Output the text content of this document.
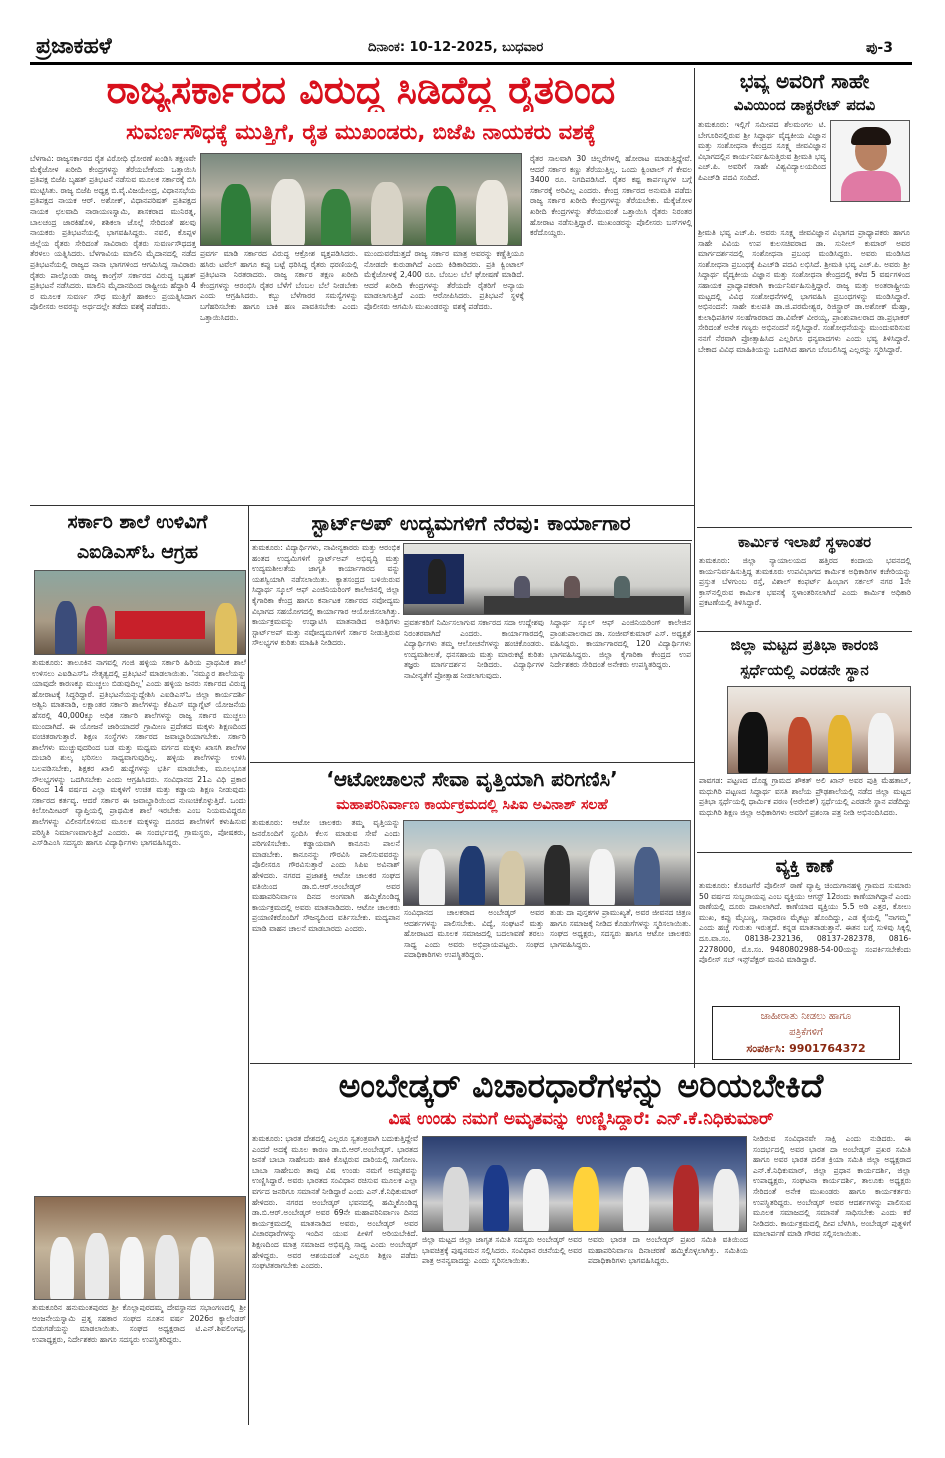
ಪ್ರಜಾಕಹಳೆ	ದಿನಾಂಕ: 10-12-2025, ಬುಧವಾರ	ಪು-3
ರಾಜ್ಯಸರ್ಕಾರದ ವಿರುದ್ಧ ಸಿಡಿದೆದ್ದ ರೈತರಿಂದ
ಸುವರ್ಣಸೌಧಕ್ಕೆ ಮುತ್ತಿಗೆ, ರೈತ ಮುಖಂಡರು, ಬಿಜೆಪಿ ನಾಯಕರು ವಶಕ್ಕೆ
ಬೆಳಗಾವಿ: ರಾಜ್ಯಸರ್ಕಾರದ ರೈತ ವಿರೋಧಿ ಧೋರಣೆ ಖಂಡಿಸಿ ತಕ್ಷಣವೇ ಮೆಕ್ಕೆಜೋಳ ಖರೀದಿ ಕೇಂದ್ರಗಳನ್ನು ತೆರೆಯಬೇಕೆಂದು ಒತ್ತಾಯಿಸಿ ಪ್ರತಿಪಕ್ಷ ಬಿಜೆಪಿ ಬೃಹತ್ ಪ್ರತಿಭಟನೆ ನಡೆಸುವ ಮೂಲಕ ಸರ್ಕಾರಕ್ಕೆ ಬಿಸಿ ಮುಟ್ಟಿಸಿತು. ರಾಜ್ಯ ಬಿಜೆಪಿ ಅಧ್ಯಕ್ಷ ಬಿ.ವೈ.ವಿಜಯೇಂದ್ರ, ವಿಧಾನಸಭೆಯ ಪ್ರತಿಪಕ್ಷದ ನಾಯಕ ಆರ್. ಅಶೋಕ್, ವಿಧಾನಪರಿಷತ್ ಪ್ರತಿಪಕ್ಷದ ನಾಯಕ ಛಲವಾದಿ ನಾರಾಯಣಸ್ವಾಮಿ, ಶಾಸಕರಾದ ಮುನಿರತ್ನ, ಬಾಲಚಂದ್ರ ಜಾರಕಿಹೊಳಿ, ಶಶಿಕಲಾ ಜೊಲ್ಲೆ ಸೇರಿದಂತೆ ಹಲವು ನಾಯಕರು ಪ್ರತಿಭಟನೆಯಲ್ಲಿ ಭಾಗವಹಿಸಿದ್ದರು. ನವಲಿ, ಕೊಪ್ಪಳ ಜಿಲ್ಲೆಯ ರೈತರು ಸೇರಿದಂತೆ ಸಾವಿರಾರು ರೈತರು ಸುವರ್ಣಸೌಧದತ್ತ ತೆರಳಲು ಯತ್ನಿಸಿದರು. ಬೆಳಗಾವಿಯ ಮಾಲಿನಿ ಮೈದಾನದಲ್ಲಿ ನಡೆದ ಪ್ರತಿಭಟನೆಯಲ್ಲಿ ರಾಜ್ಯದ ನಾನಾ ಭಾಗಗಳಿಂದ ಆಗಮಿಸಿದ್ದ ಸಾವಿರಾರು ರೈತರು ಪಾಲ್ಗೊಂಡು ರಾಜ್ಯ ಕಾಂಗ್ರೆಸ್ ಸರ್ಕಾರದ ವಿರುದ್ಧ ಬೃಹತ್ ಪ್ರತಿಭಟನೆ ನಡೆಸಿದರು. ಮಾಲಿನಿ ಮೈದಾನದಿಂದ ರಾಷ್ಟ್ರೀಯ ಹೆದ್ದಾರಿ 4 ರ ಮೂಲಕ ಸುವರ್ಣ ಸೌಧ ಮುತ್ತಿಗೆ ಹಾಕಲು ಪ್ರಯತ್ನಿಸಿದಾಗ ಪೊಲೀಸರು ಅವರನ್ನು ಅರ್ಧದಲ್ಲೇ ತಡೆದು ವಶಕ್ಕೆ ಪಡೆದರು.
ಪ್ರವರ್ಗ ಮಾಡಿ ಸರ್ಕಾರದ ವಿರುದ್ಧ ಆಕ್ರೋಶ ವ್ಯಕ್ತಪಡಿಸಿದರು. ಹಸಿರು ಟವೆಲ್ ಹಾಗೂ ಕಪ್ಪು ಬಟ್ಟೆ ಧರಿಸಿದ್ದ ರೈತರು ಧರಣಿಯಲ್ಲಿ ಪ್ರತಿಭಟನಾ ನಿರತರಾದರು. ರಾಜ್ಯ ಸರ್ಕಾರ ತಕ್ಷಣ ಖರೀದಿ ಕೇಂದ್ರಗಳನ್ನು ಆರಂಭಿಸಿ ರೈತರ ಬೆಳೆಗೆ ಬೆಂಬಲ ಬೆಲೆ ನೀಡಬೇಕು ಎಂದು ಆಗ್ರಹಿಸಿದರು. ಕಬ್ಬು ಬೆಳೆಗಾರರ ಸಮಸ್ಯೆಗಳನ್ನು ಬಗೆಹರಿಸಬೇಕು ಹಾಗೂ ಬಾಕಿ ಹಣ ಪಾವತಿಸಬೇಕು ಎಂದು ಒತ್ತಾಯಿಸಿದರು.
ಮುಂದುವರೆದುತ್ತದೆ ರಾಜ್ಯ ಸರ್ಕಾರ ಮಾತ್ರ ಅವರನ್ನು ಕಣ್ಣೆತ್ತಿಯೂ ನೋಡದೇ ಕುರುಡಾಗಿದೆ ಎಂದು ಕಿಡಿಕಾರಿದರು. ಪ್ರತಿ ಕ್ವಿಂಟಾಲ್ ಮೆಕ್ಕೆಜೋಳಕ್ಕೆ 2,400 ರೂ. ಬೆಂಬಲ ಬೆಲೆ ಘೋಷಣೆ ಮಾಡಿದೆ. ಆದರೆ ಖರೀದಿ ಕೇಂದ್ರಗಳನ್ನು ತೆರೆಯದೇ ರೈತರಿಗೆ ಅನ್ಯಾಯ ಮಾಡಲಾಗುತ್ತಿದೆ ಎಂದು ಆರೋಪಿಸಿದರು. ಪ್ರತಿಭಟನೆ ಸ್ಥಳಕ್ಕೆ ಪೊಲೀಸರು ಆಗಮಿಸಿ ಮುಖಂಡರನ್ನು ವಶಕ್ಕೆ ಪಡೆದರು.
ರೈತರ ಸಾಲವಾಗಿ 30 ಚಿಲ್ಲರೆಗಳಲ್ಲಿ ಹೋರಾಟ ಮಾಡುತ್ತಿದ್ದೇವೆ. ಆದರೆ ಸರ್ಕಾರ ಕಣ್ಣು ತೆರೆಯುತ್ತಿಲ್ಲ. ಒಂದು ಕ್ವಿಂಟಾಲ್ ಗೆ ಕೇವಲ 3400 ರೂ. ನಿಗದಿಪಡಿಸಿದೆ. ರೈತರ ಕಷ್ಟ ಕಾರ್ಪಣ್ಯಗಳ ಬಗ್ಗೆ ಸರ್ಕಾರಕ್ಕೆ ಅರಿವಿಲ್ಲ ಎಂದರು. ಕೇಂದ್ರ ಸರ್ಕಾರದ ಅನುಮತಿ ಪಡೆದು ರಾಜ್ಯ ಸರ್ಕಾರ ಖರೀದಿ ಕೇಂದ್ರಗಳನ್ನು ತೆರೆಯಬೇಕು. ಮೆಕ್ಕೆಜೋಳ ಖರೀದಿ ಕೇಂದ್ರಗಳನ್ನು ತೆರೆಯುವಂತೆ ಒತ್ತಾಯಿಸಿ ರೈತರು ನಿರಂತರ ಹೋರಾಟ ನಡೆಸುತ್ತಿದ್ದಾರೆ. ಮುಖಂಡರನ್ನು ಪೊಲೀಸರು ಬಸ್‌ಗಳಲ್ಲಿ ಕರೆದೊಯ್ದರು.
ಭವ್ಯ ಅವರಿಗೆ ಸಾಹೇ
ವಿವಿಯಿಂದ ಡಾಕ್ಟರೇಟ್ ಪದವಿ
ತುಮಕೂರು: ಇಲ್ಲಿಗೆ ಸಮೀಪದ ಶೆಲಮಂಗಲ ಟಿ. ಬೇಗೂರಿನಲ್ಲಿರುವ ಶ್ರೀ ಸಿದ್ಧಾರ್ಥ ವೈದ್ಯಕೀಯ ವಿಜ್ಞಾನ ಮತ್ತು ಸಂಶೋಧನಾ ಕೇಂದ್ರದ ಸೂಕ್ಷ್ಮ ಜೀವವಿಜ್ಞಾನ ವಿಭಾಗದಲ್ಲಿನ ಕಾರ್ಯನಿರ್ವಹಿಸುತ್ತಿರುವ ಶ್ರೀಮತಿ ಭವ್ಯ ಎಚ್.ಪಿ. ಅವರಿಗೆ ಸಾಹೇ ವಿಶ್ವವಿದ್ಯಾಲಯದಿಂದ ಪಿಎಚ್‌ಡಿ ಪದವಿ ಸಂದಿದೆ.
ಶ್ರೀಮತಿ ಭವ್ಯ ಎಚ್.ಪಿ. ಅವರು ಸೂಕ್ಷ್ಮ ಜೀವವಿಜ್ಞಾನ ವಿಭಾಗದ ಪ್ರಾಧ್ಯಾಪಕರು ಹಾಗೂ ಸಾಹೇ ವಿವಿಯ ಉಪ ಕುಲಸಚಿವರಾದ ಡಾ. ಸುನೀಲ್ ಕುಮಾರ್ ಅವರ ಮಾರ್ಗದರ್ಶನದಲ್ಲಿ ಸಂಶೋಧನಾ ಪ್ರಬಂಧ ಮಂಡಿಸಿದ್ದರು. ಅವರು ಮಂಡಿಸಿದ ಸಂಶೋಧನಾ ಪ್ರಬಂಧಕ್ಕೆ ಪಿಎಚ್‌ಡಿ ಪದವಿ ಲಭಿಸಿದೆ. ಶ್ರೀಮತಿ ಭವ್ಯ ಎಚ್.ಪಿ. ಅವರು ಶ್ರೀ ಸಿದ್ಧಾರ್ಥ ವೈದ್ಯಕೀಯ ವಿಜ್ಞಾನ ಮತ್ತು ಸಂಶೋಧನಾ ಕೇಂದ್ರದಲ್ಲಿ ಕಳೆದ 5 ವರ್ಷಗಳಿಂದ ಸಹಾಯಕ ಪ್ರಾಧ್ಯಾಪಕರಾಗಿ ಕಾರ್ಯನಿರ್ವಹಿಸುತ್ತಿದ್ದಾರೆ. ರಾಜ್ಯ ಮತ್ತು ಅಂತರಾಷ್ಟ್ರೀಯ ಮಟ್ಟದಲ್ಲಿ ವಿವಿಧ ಸಂಶೋಧನೆಗಳಲ್ಲಿ ಭಾಗವಹಿಸಿ ಪ್ರಬಂಧಗಳನ್ನು ಮಂಡಿಸಿದ್ದಾರೆ. ಅಭಿನಂದನೆ: ಸಾಹೇ ಕುಲಪತಿ ಡಾ.ಜಿ.ಪರಮೇಶ್ವರ, ರಿಜಿಸ್ಟ್ರಾರ್ ಡಾ.ಅಶೋಕ್ ಮೆಹ್ತಾ, ಕುಲಾಧಿಪತಿಗಳ ಸಲಹೆಗಾರರಾದ ಡಾ.ವಿವೇಕ್ ವೀರಯ್ಯ, ಪ್ರಾಂಶುಪಾಲರಾದ ಡಾ.ಪ್ರಭಾಕರ್ ಸೇರಿದಂತೆ ಅನೇಕ ಗಣ್ಯರು ಅಭಿನಂದನೆ ಸಲ್ಲಿಸಿದ್ದಾರೆ. ಸಂಶೋಧನೆಯನ್ನು ಮುಂದುವರಿಸುವ ನನಗೆ ನೆರವಾಗಿ ಪ್ರೋತ್ಸಾಹಿಸಿದ ಎಲ್ಲರಿಗೂ ಧನ್ಯವಾದಗಳು ಎಂದು ಭವ್ಯ ತಿಳಿಸಿದ್ದಾರೆ. ಬೇಕಾದ ವಿವಿಧ ಮಾಹಿತಿಯನ್ನು ಒದಗಿಸಿದ ಹಾಗೂ ಬೆಂಬಲಿಸಿದ್ದ ಎಲ್ಲರನ್ನು ಸ್ಮರಿಸಿದ್ದಾರೆ.
ಸರ್ಕಾರಿ ಶಾಲೆ ಉಳಿವಿಗೆ
ಎಐಡಿಎಸ್‌ಓ ಆಗ್ರಹ
ತುಮಕೂರು: ತಾಲೂಕಿನ ನಾಗವಲ್ಲಿ ಗಂಜಿ ಹಳ್ಳಿಯ ಸರ್ಕಾರಿ ಹಿರಿಯ ಪ್ರಾಥಮಿಕ ಶಾಲೆ ಉಳಿಸಲು ಎಐಡಿಎಸ್‌ಓ ನೇತೃತ್ವದಲ್ಲಿ ಪ್ರತಿಭಟನೆ ಮಾಡಲಾಯಿತು. 'ನಮ್ಮೂರ ಶಾಲೆಯನ್ನು ಯಾವುದೇ ಕಾರಣಕ್ಕೂ ಮುಚ್ಚಲು ಬಿಡುವುದಿಲ್ಲ' ಎಂದು ಹಳ್ಳಿಯ ಜನರು ಸರ್ಕಾರದ ವಿರುದ್ಧ ಹೋರಾಟಕ್ಕೆ ಸಿದ್ಧರಿದ್ದಾರೆ. ಪ್ರತಿಭಟನೆಯನ್ನುದ್ದೇಶಿಸಿ ಎಐಡಿಎಸ್‌ಓ ಜಿಲ್ಲಾ ಕಾರ್ಯದರ್ಶಿ ಅಶ್ವಿನಿ ಮಾತನಾಡಿ, ಲಕ್ಷಾಂತರ ಸರ್ಕಾರಿ ಶಾಲೆಗಳನ್ನು ಕೆಪಿಎಸ್ ಮ್ಯಾಗ್ನೆಟ್ ಯೋಜನೆಯ ಹೆಸರಲ್ಲಿ 40,000ಕ್ಕೂ ಅಧಿಕ ಸರ್ಕಾರಿ ಶಾಲೆಗಳನ್ನು ರಾಜ್ಯ ಸರ್ಕಾರ ಮುಚ್ಚಲು ಮುಂದಾಗಿದೆ. ಈ ಯೋಜನೆ ಜಾರಿಯಾದರೆ ಗ್ರಾಮೀಣ ಪ್ರದೇಶದ ಮಕ್ಕಳು ಶಿಕ್ಷಣದಿಂದ ವಂಚಿತರಾಗುತ್ತಾರೆ. ಶಿಕ್ಷಣ ಸಂಸ್ಥೆಗಳು ಸರ್ಕಾರದ ಜವಾಬ್ದಾರಿಯಾಗಬೇಕು. ಸರ್ಕಾರಿ ಶಾಲೆಗಳು ಮುಚ್ಚುವುದರಿಂದ ಬಡ ಮತ್ತು ಮಧ್ಯಮ ವರ್ಗದ ಮಕ್ಕಳು ಖಾಸಗಿ ಶಾಲೆಗಳ ದುಬಾರಿ ಶುಲ್ಕ ಭರಿಸಲು ಸಾಧ್ಯವಾಗುವುದಿಲ್ಲ. ಹಳ್ಳಿಯ ಶಾಲೆಗಳನ್ನು ಉಳಿಸಿ ಬಲಪಡಿಸಬೇಕು, ಶಿಕ್ಷಕರ ಖಾಲಿ ಹುದ್ದೆಗಳನ್ನು ಭರ್ತಿ ಮಾಡಬೇಕು, ಮೂಲಭೂತ ಸೌಲಭ್ಯಗಳನ್ನು ಒದಗಿಸಬೇಕು ಎಂದು ಆಗ್ರಹಿಸಿದರು. ಸಂವಿಧಾನದ 21ಎ ವಿಧಿ ಪ್ರಕಾರ 6ರಿಂದ 14 ವರ್ಷದ ಎಲ್ಲಾ ಮಕ್ಕಳಿಗೆ ಉಚಿತ ಮತ್ತು ಕಡ್ಡಾಯ ಶಿಕ್ಷಣ ನೀಡುವುದು ಸರ್ಕಾರದ ಕರ್ತವ್ಯ. ಆದರೆ ಸರ್ಕಾರ ಈ ಜವಾಬ್ದಾರಿಯಿಂದ ನುಣುಚಿಕೊಳ್ಳುತ್ತಿದೆ. ಒಂದು ಕಿಲೋಮೀಟರ್ ವ್ಯಾಪ್ತಿಯಲ್ಲಿ ಪ್ರಾಥಮಿಕ ಶಾಲೆ ಇರಬೇಕು ಎಂಬ ನಿಯಮವಿದ್ದರೂ ಶಾಲೆಗಳನ್ನು ವಿಲೀನಗೊಳಿಸುವ ಮೂಲಕ ಮಕ್ಕಳನ್ನು ದೂರದ ಶಾಲೆಗಳಿಗೆ ಕಳುಹಿಸುವ ಪರಿಸ್ಥಿತಿ ನಿರ್ಮಾಣವಾಗುತ್ತಿದೆ ಎಂದರು. ಈ ಸಂದರ್ಭದಲ್ಲಿ ಗ್ರಾಮಸ್ಥರು, ಪೋಷಕರು, ಎಸ್‌ಡಿಎಂಸಿ ಸದಸ್ಯರು ಹಾಗೂ ವಿದ್ಯಾರ್ಥಿಗಳು ಭಾಗವಹಿಸಿದ್ದರು.
ತುಮಕೂರಿನ ಹನುಮಂತಪುರದ ಶ್ರೀ ಕೊಲ್ಲಾಪುರದಮ್ಮ ದೇವಸ್ಥಾನದ ಸಭಾಂಗಣದಲ್ಲಿ ಶ್ರೀ ಆಂಜನೇಯಸ್ವಾಮಿ ಪ್ರತ್ನ ಸಹಕಾರ ಸಂಘದ ನೂತನ ವರ್ಷ 2026ರ ಕ್ಯಾಲೆಂಡರ್ ಬಿಡುಗಡೆಯನ್ನು ಮಾಡಲಾಯಿತು. ಸಂಘದ ಅಧ್ಯಕ್ಷರಾದ ಟಿ.ಎನ್.ಶಿವಲಿಂಗಪ್ಪ, ಉಪಾಧ್ಯಕ್ಷರು, ನಿರ್ದೇಶಕರು ಹಾಗೂ ಸದಸ್ಯರು ಉಪಸ್ಥಿತರಿದ್ದರು.
ಸ್ಟಾರ್ಟ್‌ಅಪ್ ಉದ್ಯಮಗಳಿಗೆ ನೆರವು: ಕಾರ್ಯಾಗಾರ
ತುಮಕೂರು: ವಿದ್ಯಾರ್ಥಿಗಳು, ನಾವೀನ್ಯಕಾರರು ಮತ್ತು ಆರಂಭಿಕ ಹಂತದ ಉದ್ಯಮಿಗಳಿಗೆ ಸ್ಟಾರ್ಟ್‌ಅಪ್ ಅಭಿವೃದ್ಧಿ ಮತ್ತು ಉದ್ಯಮಶೀಲತೆಯ ಜಾಗೃತಿ ಕಾರ್ಯಾಗಾರದ ವನ್ನು ಯಶಸ್ವಿಯಾಗಿ ನಡೆಸಲಾಯಿತು. ಕ್ಯಾತಸಂದ್ರದ ಬಳಿಯಿರುವ ಸಿದ್ಧಾರ್ಥ ಸ್ಕೂಲ್ ಆಫ್ ಎಂಜಿನಿಯರಿಂಗ್ ಕಾಲೇಜಿನಲ್ಲಿ ಜಿಲ್ಲಾ ಕೈಗಾರಿಕಾ ಕೇಂದ್ರ ಹಾಗೂ ಕರ್ನಾಟಕ ಸರ್ಕಾರದ ನವೋದ್ಯಮ ವಿಭಾಗದ ಸಹಯೋಗದಲ್ಲಿ ಕಾರ್ಯಾಗಾರ ಆಯೋಜಿಸಲಾಗಿತ್ತು. ಕಾರ್ಯಕ್ರಮವನ್ನು ಉದ್ಘಾಟಿಸಿ ಮಾತನಾಡಿದ ಅತಿಥಿಗಳು ಸ್ಟಾರ್ಟ್‌ಅಪ್ ಮತ್ತು ನವೋದ್ಯಮಗಳಿಗೆ ಸರ್ಕಾರ ನೀಡುತ್ತಿರುವ ಸೌಲಭ್ಯಗಳ ಕುರಿತು ಮಾಹಿತಿ ನೀಡಿದರು.
ಪ್ರವರ್ತಕರಿಗೆ ನಿರ್ಮಿಸಲಾಗುವ ಸರ್ಕಾರದ ಸದಾ ಉದ್ದೇಶವು ನಿರಂತರವಾಗಿದೆ ಎಂದರು. ಕಾರ್ಯಾಗಾರದಲ್ಲಿ ವಿದ್ಯಾರ್ಥಿಗಳು ತಮ್ಮ ಆಲೋಚನೆಗಳನ್ನು ಹಂಚಿಕೊಂಡರು. ಉದ್ಯಮಶೀಲತೆ, ಧನಸಹಾಯ ಮತ್ತು ಮಾರುಕಟ್ಟೆ ಕುರಿತು ತಜ್ಞರು ಮಾರ್ಗದರ್ಶನ ನೀಡಿದರು. ವಿದ್ಯಾರ್ಥಿಗಳ ನಾವೀನ್ಯತೆಗೆ ಪ್ರೋತ್ಸಾಹ ನೀಡಲಾಗುವುದು.
ಸಿದ್ಧಾರ್ಥ ಸ್ಕೂಲ್ ಆಫ್ ಎಂಜಿನಿಯರಿಂಗ್ ಕಾಲೇಜಿನ ಪ್ರಾಂಶುಪಾಲರಾದ ಡಾ. ಸಂಜೀವ್‌ಕುಮಾರ್ ಎಸ್. ಅಧ್ಯಕ್ಷತೆ ವಹಿಸಿದ್ದರು. ಕಾರ್ಯಾಗಾರದಲ್ಲಿ 120 ವಿದ್ಯಾರ್ಥಿಗಳು ಭಾಗವಹಿಸಿದ್ದರು. ಜಿಲ್ಲಾ ಕೈಗಾರಿಕಾ ಕೇಂದ್ರದ ಉಪ ನಿರ್ದೇಶಕರು ಸೇರಿದಂತೆ ಅನೇಕರು ಉಪಸ್ಥಿತರಿದ್ದರು.
ಕಾರ್ಮಿಕ ಇಲಾಖೆ ಸ್ಥಳಾಂತರ
ತುಮಕೂರು: ಜಿಲ್ಲಾ ನ್ಯಾಯಾಲಯದ ಹತ್ತಿರದ ಕಂದಾಯ ಭವನದಲ್ಲಿ ಕಾರ್ಯನಿರ್ವಹಿಸುತ್ತಿದ್ದ ತುಮಕೂರು ಉಪವಿಭಾಗದ ಕಾರ್ಮಿಕ ಅಧಿಕಾರಿಗಳ ಕಚೇರಿಯನ್ನು ಪ್ರಸ್ತುತ ಬೆಳಗುಂಬ ರಸ್ತೆ, ವಿಶಾಲ್ ಕಂಫರ್ಟ್ ಹಿಂಭಾಗ ಸರ್ಕಲ್ ನಗರ 1ನೇ ಕ್ರಾಸ್‌ನಲ್ಲಿರುವ ಕಾರ್ಮಿಕ ಭವನಕ್ಕೆ ಸ್ಥಳಾಂತರಿಸಲಾಗಿದೆ ಎಂದು ಕಾರ್ಮಿಕ ಅಧಿಕಾರಿ ಪ್ರಕಟಣೆಯಲ್ಲಿ ತಿಳಿಸಿದ್ದಾರೆ.
ಜಿಲ್ಲಾ ಮಟ್ಟದ ಪ್ರತಿಭಾ ಕಾರಂಜಿ
ಸ್ಪರ್ಧೆಯಲ್ಲಿ ಎರಡನೇ ಸ್ಥಾನ
ಪಾವಗಡ: ಪಟ್ಟಣದ ದೊಡ್ಡ ಗ್ರಾಮದ ಶೌಕತ್ ಅಲಿ ಖಾನ್ ಅವರ ಪುತ್ರಿ ಮೆಹತಾಬ್, ಮಧುಗಿರಿ ಪಟ್ಟಣದ ಸಿದ್ಧಾರ್ಥ ವಸತಿ ಶಾಲೆಯ ಪ್ರೌಢಶಾಲೆಯಲ್ಲಿ ನಡೆದ ಜಿಲ್ಲಾ ಮಟ್ಟದ ಪ್ರತಿಭಾ ಸ್ಪರ್ಧೆಯಲ್ಲಿ ಧಾರ್ಮಿಕ ಪಠಣ (ಅರೇಬಿಕ್) ಸ್ಪರ್ಧೆಯಲ್ಲಿ ಎರಡನೇ ಸ್ಥಾನ ಪಡೆದಿದ್ದು ಮಧುಗಿರಿ ಶಿಕ್ಷಣ ಜಿಲ್ಲಾ ಅಧಿಕಾರಿಗಳು ಅವರಿಗೆ ಪ್ರಶಂಸಾ ಪತ್ರ ನೀಡಿ ಅಭಿನಂದಿಸಿದರು.
ವ್ಯಕ್ತಿ ಕಾಣೆ
ತುಮಕೂರು: ಕೊರಟಗೆರೆ ಪೊಲೀಸ್ ಠಾಣೆ ವ್ಯಾಪ್ತಿ ಚಿಂದುಗಾನಹಳ್ಳಿ ಗ್ರಾಮದ ಸುಮಾರು 50 ವರ್ಷದ ಸುಬ್ಬರಾಯಪ್ಪ ಎಂಬ ವ್ಯಕ್ತಿಯು ಆಗಸ್ಟ್ 12ರಂದು ಕಾಣೆಯಾಗಿದ್ದಾನೆ ಎಂದು ಠಾಣೆಯಲ್ಲಿ ದೂರು ದಾಖಲಾಗಿದೆ. ಕಾಣೆಯಾದ ವ್ಯಕ್ತಿಯು 5.5 ಅಡಿ ಎತ್ತರ, ಕೋಲು ಮುಖ, ಕಪ್ಪು ಮೈಬಣ್ಣ, ಸಾಧಾರಣ ಮೈಕಟ್ಟು ಹೊಂದಿದ್ದು, ಎಡ ಕೈಯಲ್ಲಿ "ನಾಗಮ್ಮ" ಎಂದು ಹಚ್ಚೆ ಗುರುತು ಇರುತ್ತದೆ. ಕನ್ನಡ ಮಾತನಾಡುತ್ತಾನೆ. ಈತನ ಬಗ್ಗೆ ಸುಳಿವು ಸಿಕ್ಕಲ್ಲಿ ದೂ.ವಾ.ಸಂ. 08138-232136, 08137-282378, 0816-2278000, ಮೊ.ಸಂ. 9480802988-54-00ಯನ್ನು ಸಂಪರ್ಕಿಸಬೇಕೆಂದು ಪೊಲೀಸ್ ಸಬ್ ಇನ್ಸ್‌ಪೆಕ್ಟರ್ ಮನವಿ ಮಾಡಿದ್ದಾರೆ.
ಜಾಹೀರಾತು ನೀಡಲು ಹಾಗೂ
ಪತ್ರಿಕೆಗಳಿಗೆ
ಸಂಪರ್ಕಿಸಿ: 9901764372
‘ಆಟೋಚಾಲನೆ ಸೇವಾ ವೃತ್ತಿಯಾಗಿ ಪರಿಗಣಿಸಿ’
ಮಹಾಪರಿನಿರ್ವಾಣ ಕಾರ್ಯಕ್ರಮದಲ್ಲಿ ಸಿಪಿಐ ಅವಿನಾಶ್ ಸಲಹೆ
ತುಮಕೂರು: ಆಟೋ ಚಾಲಕರು ತಮ್ಮ ವೃತ್ತಿಯನ್ನು ಜನರೊಂದಿಗೆ ಸ್ಪಂದಿಸಿ ಕೆಲಸ ಮಾಡುವ ಸೇವೆ ಎಂದು ಪರಿಗಣಿಸಬೇಕು. ಕಡ್ಡಾಯವಾಗಿ ಕಾನೂನು ಪಾಲನೆ ಮಾಡಬೇಕು. ಕಾನೂನನ್ನು ಗೌರವಿಸಿ ಪಾಲಿಸುವವರನ್ನು ಪೊಲೀಸರೂ ಗೌರವಿಸುತ್ತಾರೆ ಎಂದು ಸಿಪಿಐ ಅವಿನಾಶ್ ಹೇಳಿದರು. ನಗರದ ಪ್ರಜಾಶಕ್ತಿ ಆಟೋ ಚಾಲಕರ ಸಂಘದ ವತಿಯಿಂದ ಡಾ.ಬಿ.ಆರ್.ಅಂಬೇಡ್ಕರ್ ಅವರ ಮಹಾಪರಿನಿರ್ವಾಣ ದಿನದ ಅಂಗವಾಗಿ ಹಮ್ಮಿಕೊಂಡಿದ್ದ ಕಾರ್ಯಕ್ರಮದಲ್ಲಿ ಅವರು ಮಾತನಾಡಿದರು. ಆಟೋ ಚಾಲಕರು ಪ್ರಯಾಣಿಕರೊಂದಿಗೆ ಸೌಜನ್ಯದಿಂದ ವರ್ತಿಸಬೇಕು. ಮದ್ಯಪಾನ ಮಾಡಿ ವಾಹನ ಚಾಲನೆ ಮಾಡಬಾರದು ಎಂದರು.
ಸಂವಿಧಾನದ ಚಾಲಕರಾದ ಅಂಬೇಡ್ಕರ್ ಅವರ ಆದರ್ಶಗಳನ್ನು ಪಾಲಿಸಬೇಕು. ವಿದ್ಯೆ, ಸಂಘಟನೆ ಮತ್ತು ಹೋರಾಟದ ಮೂಲಕ ಸಮಾಜದಲ್ಲಿ ಬದಲಾವಣೆ ತರಲು ಸಾಧ್ಯ ಎಂದು ಅವರು ಅಭಿಪ್ರಾಯಪಟ್ಟರು. ಸಂಘದ ಪದಾಧಿಕಾರಿಗಳು ಉಪಸ್ಥಿತರಿದ್ದರು.
ತುಡು ದಾ ಪುಸ್ತಕಗಳ ಪ್ರಾಮುಖ್ಯತೆ, ಅವರ ಜೀವನದ ಚಿತ್ರಣ ಹಾಗೂ ಸಮಾಜಕ್ಕೆ ನೀಡಿದ ಕೊಡುಗೆಗಳನ್ನು ಸ್ಮರಿಸಲಾಯಿತು. ಸಂಘದ ಅಧ್ಯಕ್ಷರು, ಸದಸ್ಯರು ಹಾಗೂ ಆಟೋ ಚಾಲಕರು ಭಾಗವಹಿಸಿದ್ದರು.
ಅಂಬೇಡ್ಕರ್ ವಿಚಾರಧಾರೆಗಳನ್ನು ಅರಿಯಬೇಕಿದೆ
ವಿಷ ಉಂಡು ನಮಗೆ ಅಮೃತವನ್ನು ಉಣ್ಣಿಸಿದ್ದಾರೆ: ಎನ್.ಕೆ.ನಿಧಿಕುಮಾರ್
ತುಮಕೂರು: ಭಾರತ ದೇಶದಲ್ಲಿ ಎಲ್ಲರೂ ಸ್ವತಂತ್ರವಾಗಿ ಬದುಕುತ್ತಿದ್ದೇವೆ ಎಂದರೆ ಅದಕ್ಕೆ ಮೂಲ ಕಾರಣ ಡಾ.ಬಿ.ಆರ್.ಅಂಬೇಡ್ಕರ್. ಭಾರತದ ಜನತೆ ಬಾಬಾ ಸಾಹೇಬರು ಹಾಕಿ ಕೊಟ್ಟಿರುವ ದಾರಿಯಲ್ಲಿ ಸಾಗೋಣ. ಬಾಬಾ ಸಾಹೇಬರು ತಾವು ವಿಷ ಉಂಡು ನಮಗೆ ಅಮೃತವನ್ನು ಉಣ್ಣಿಸಿದ್ದಾರೆ. ಅವರು ಭಾರತದ ಸಂವಿಧಾನ ರಚಿಸುವ ಮೂಲಕ ಎಲ್ಲಾ ವರ್ಗದ ಜನರಿಗೂ ಸಮಾನತೆ ನೀಡಿದ್ದಾರೆ ಎಂದು ಎನ್.ಕೆ.ನಿಧಿಕುಮಾರ್ ಹೇಳಿದರು. ನಗರದ ಅಂಬೇಡ್ಕರ್ ಭವನದಲ್ಲಿ ಹಮ್ಮಿಕೊಂಡಿದ್ದ ಡಾ.ಬಿ.ಆರ್.ಅಂಬೇಡ್ಕರ್ ಅವರ 69ನೇ ಮಹಾಪರಿನಿರ್ವಾಣ ದಿನದ ಕಾರ್ಯಕ್ರಮದಲ್ಲಿ ಮಾತನಾಡಿದ ಅವರು, ಅಂಬೇಡ್ಕರ್ ಅವರ ವಿಚಾರಧಾರೆಗಳನ್ನು ಇಂದಿನ ಯುವ ಪೀಳಿಗೆ ಅರಿಯಬೇಕಿದೆ. ಶಿಕ್ಷಣದಿಂದ ಮಾತ್ರ ಸಮಾಜದ ಅಭಿವೃದ್ಧಿ ಸಾಧ್ಯ ಎಂದು ಅಂಬೇಡ್ಕರ್ ಹೇಳಿದ್ದರು. ಅವರ ಆಶಯದಂತೆ ಎಲ್ಲರೂ ಶಿಕ್ಷಣ ಪಡೆದು ಸಂಘಟಿತರಾಗಬೇಕು ಎಂದರು.
ಜಿಲ್ಲಾ ಮಟ್ಟದ ಜಿಲ್ಲಾ ಜಾಗೃತ ಸಮಿತಿ ಸದಸ್ಯರು ಅಂಬೇಡ್ಕರ್ ಅವರ ಭಾವಚಿತ್ರಕ್ಕೆ ಪುಷ್ಪನಮನ ಸಲ್ಲಿಸಿದರು. ಸಂವಿಧಾನ ರಚನೆಯಲ್ಲಿ ಅವರ ಪಾತ್ರ ಅನನ್ಯವಾದದ್ದು ಎಂದು ಸ್ಮರಿಸಲಾಯಿತು.
ಅವರು ಭಾರತ ದಾ ಅಂಬೇಡ್ಕರ್ ಪ್ರಖರ ಸಮಿತಿ ವತಿಯಿಂದ ಮಹಾಪರಿನಿರ್ವಾಣ ದಿನಾಚರಣೆ ಹಮ್ಮಿಕೊಳ್ಳಲಾಗಿತ್ತು. ಸಮಿತಿಯ ಪದಾಧಿಕಾರಿಗಳು ಭಾಗವಹಿಸಿದ್ದರು.
ನೀಡಿರುವ ಸಂವಿಧಾನವೇ ಸಾಕ್ಷಿ ಎಂದು ನುಡಿದರು. ಈ ಸಂದರ್ಭದಲ್ಲಿ ಅವರ ಭಾರತ ದಾ ಅಂಬೇಡ್ಕರ್ ಪ್ರಖರ ಸಮಿತಿ ಹಾಗೂ ಅವರ ಭಾರತ ದಲಿತ ಕ್ರಿಯಾ ಸಮಿತಿ ಜಿಲ್ಲಾ ಅಧ್ಯಕ್ಷರಾದ ಎನ್.ಕೆ.ನಿಧಿಕುಮಾರ್, ಜಿಲ್ಲಾ ಪ್ರಧಾನ ಕಾರ್ಯದರ್ಶಿ, ಜಿಲ್ಲಾ ಉಪಾಧ್ಯಕ್ಷರು, ಸಂಘಟನಾ ಕಾರ್ಯದರ್ಶಿ, ತಾಲೂಕು ಅಧ್ಯಕ್ಷರು ಸೇರಿದಂತೆ ಅನೇಕ ಮುಖಂಡರು ಹಾಗೂ ಕಾರ್ಯಕರ್ತರು ಉಪಸ್ಥಿತರಿದ್ದರು. ಅಂಬೇಡ್ಕರ್ ಅವರ ಆದರ್ಶಗಳನ್ನು ಪಾಲಿಸುವ ಮೂಲಕ ಸಮಾಜದಲ್ಲಿ ಸಮಾನತೆ ಸಾಧಿಸಬೇಕು ಎಂದು ಕರೆ ನೀಡಿದರು. ಕಾರ್ಯಕ್ರಮದಲ್ಲಿ ದೀಪ ಬೆಳಗಿಸಿ, ಅಂಬೇಡ್ಕರ್ ಪುತ್ಥಳಿಗೆ ಮಾಲಾರ್ಪಣೆ ಮಾಡಿ ಗೌರವ ಸಲ್ಲಿಸಲಾಯಿತು.
